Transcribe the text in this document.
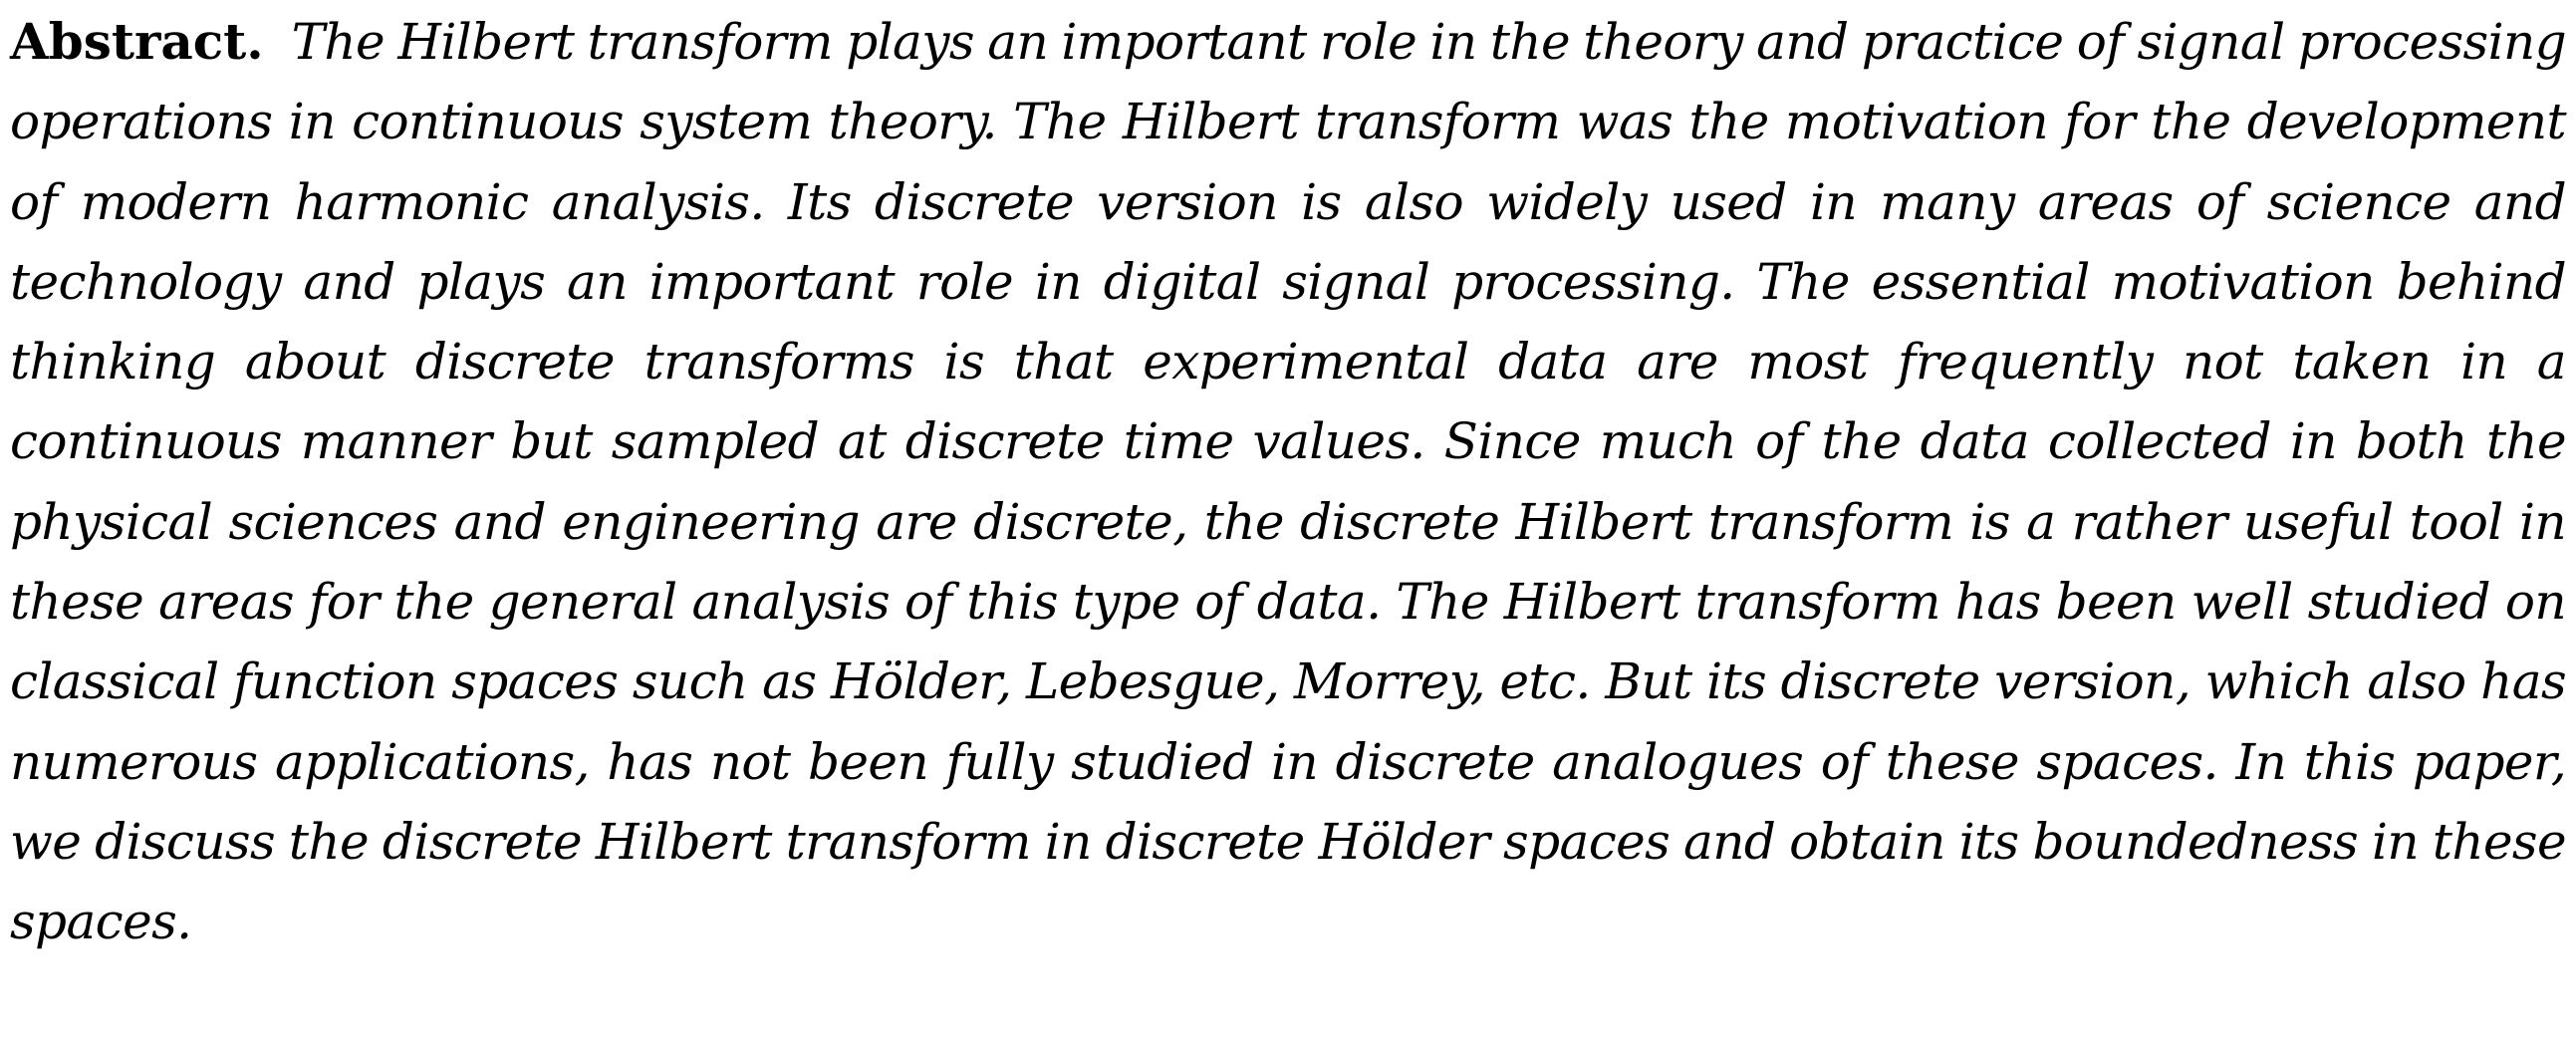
Abstract. The Hilbert transform plays an important role in the theory and practice of signal processing operations in continuous system theory. The Hilbert transform was the motivation for the development of modern harmonic analysis. Its discrete version is also widely used in many areas of science and technology and plays an important role in digital signal processing. The essential motivation behind thinking about discrete transforms is that experimental data are most frequently not taken in a continuous manner but sampled at discrete time values. Since much of the data collected in both the physical sciences and engineering are discrete, the discrete Hilbert transform is a rather useful tool in these areas for the general analysis of this type of data. The Hilbert transform has been well studied on classical function spaces such as Hölder, Lebesgue, Morrey, etc. But its discrete version, which also has numerous applications, has not been fully studied in discrete analogues of these spaces. In this paper, we discuss the discrete Hilbert transform in discrete Hölder spaces and obtain its boundedness in these spaces.
